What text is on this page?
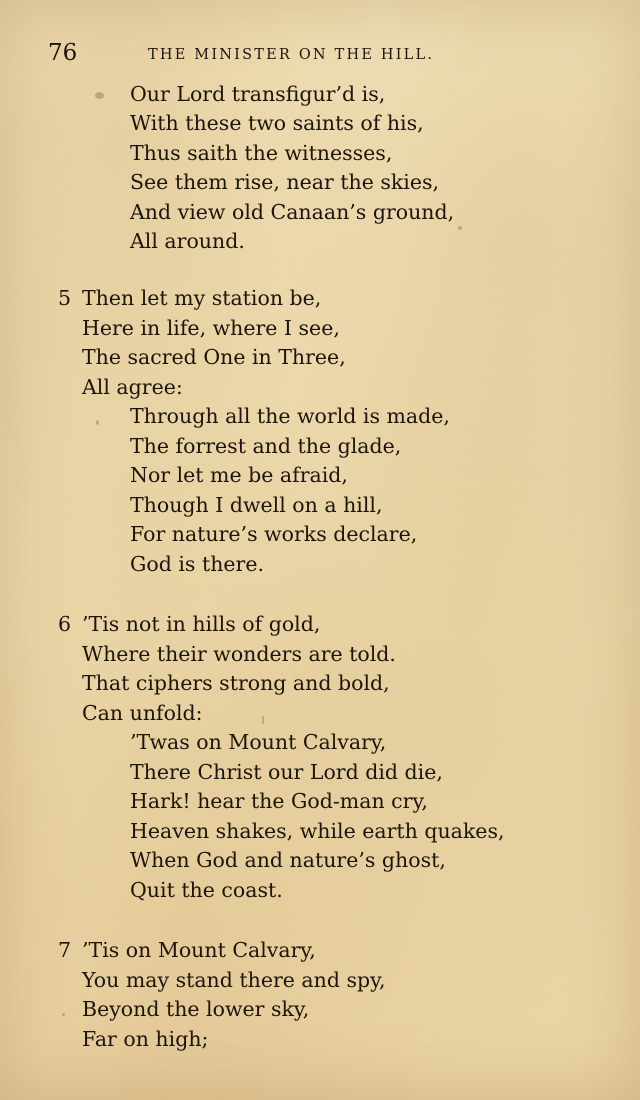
76	THE MINISTER ON THE HILL.
Our Lord transfigur’d is,
With these two saints of his,
Thus saith the witnesses,
See them rise, near the skies,
And view old Canaan’s ground,
All around.
5 Then let my station be,
Here in life, where I see,
The sacred One in Three,
All agree:
Through all the world is made,
The forrest and the glade,
Nor let me be afraid,
Though I dwell on a hill,
For nature’s works declare,
God is there.
6 ’Tis not in hills of gold,
Where their wonders are told.
That ciphers strong and bold,
Can unfold:
’Twas on Mount Calvary,
There Christ our Lord did die,
Hark! hear the God-man cry,
Heaven shakes, while earth quakes,
When God and nature’s ghost,
Quit the coast.
7 ’Tis on Mount Calvary,
You may stand there and spy,
Beyond the lower sky,
Far on high;
